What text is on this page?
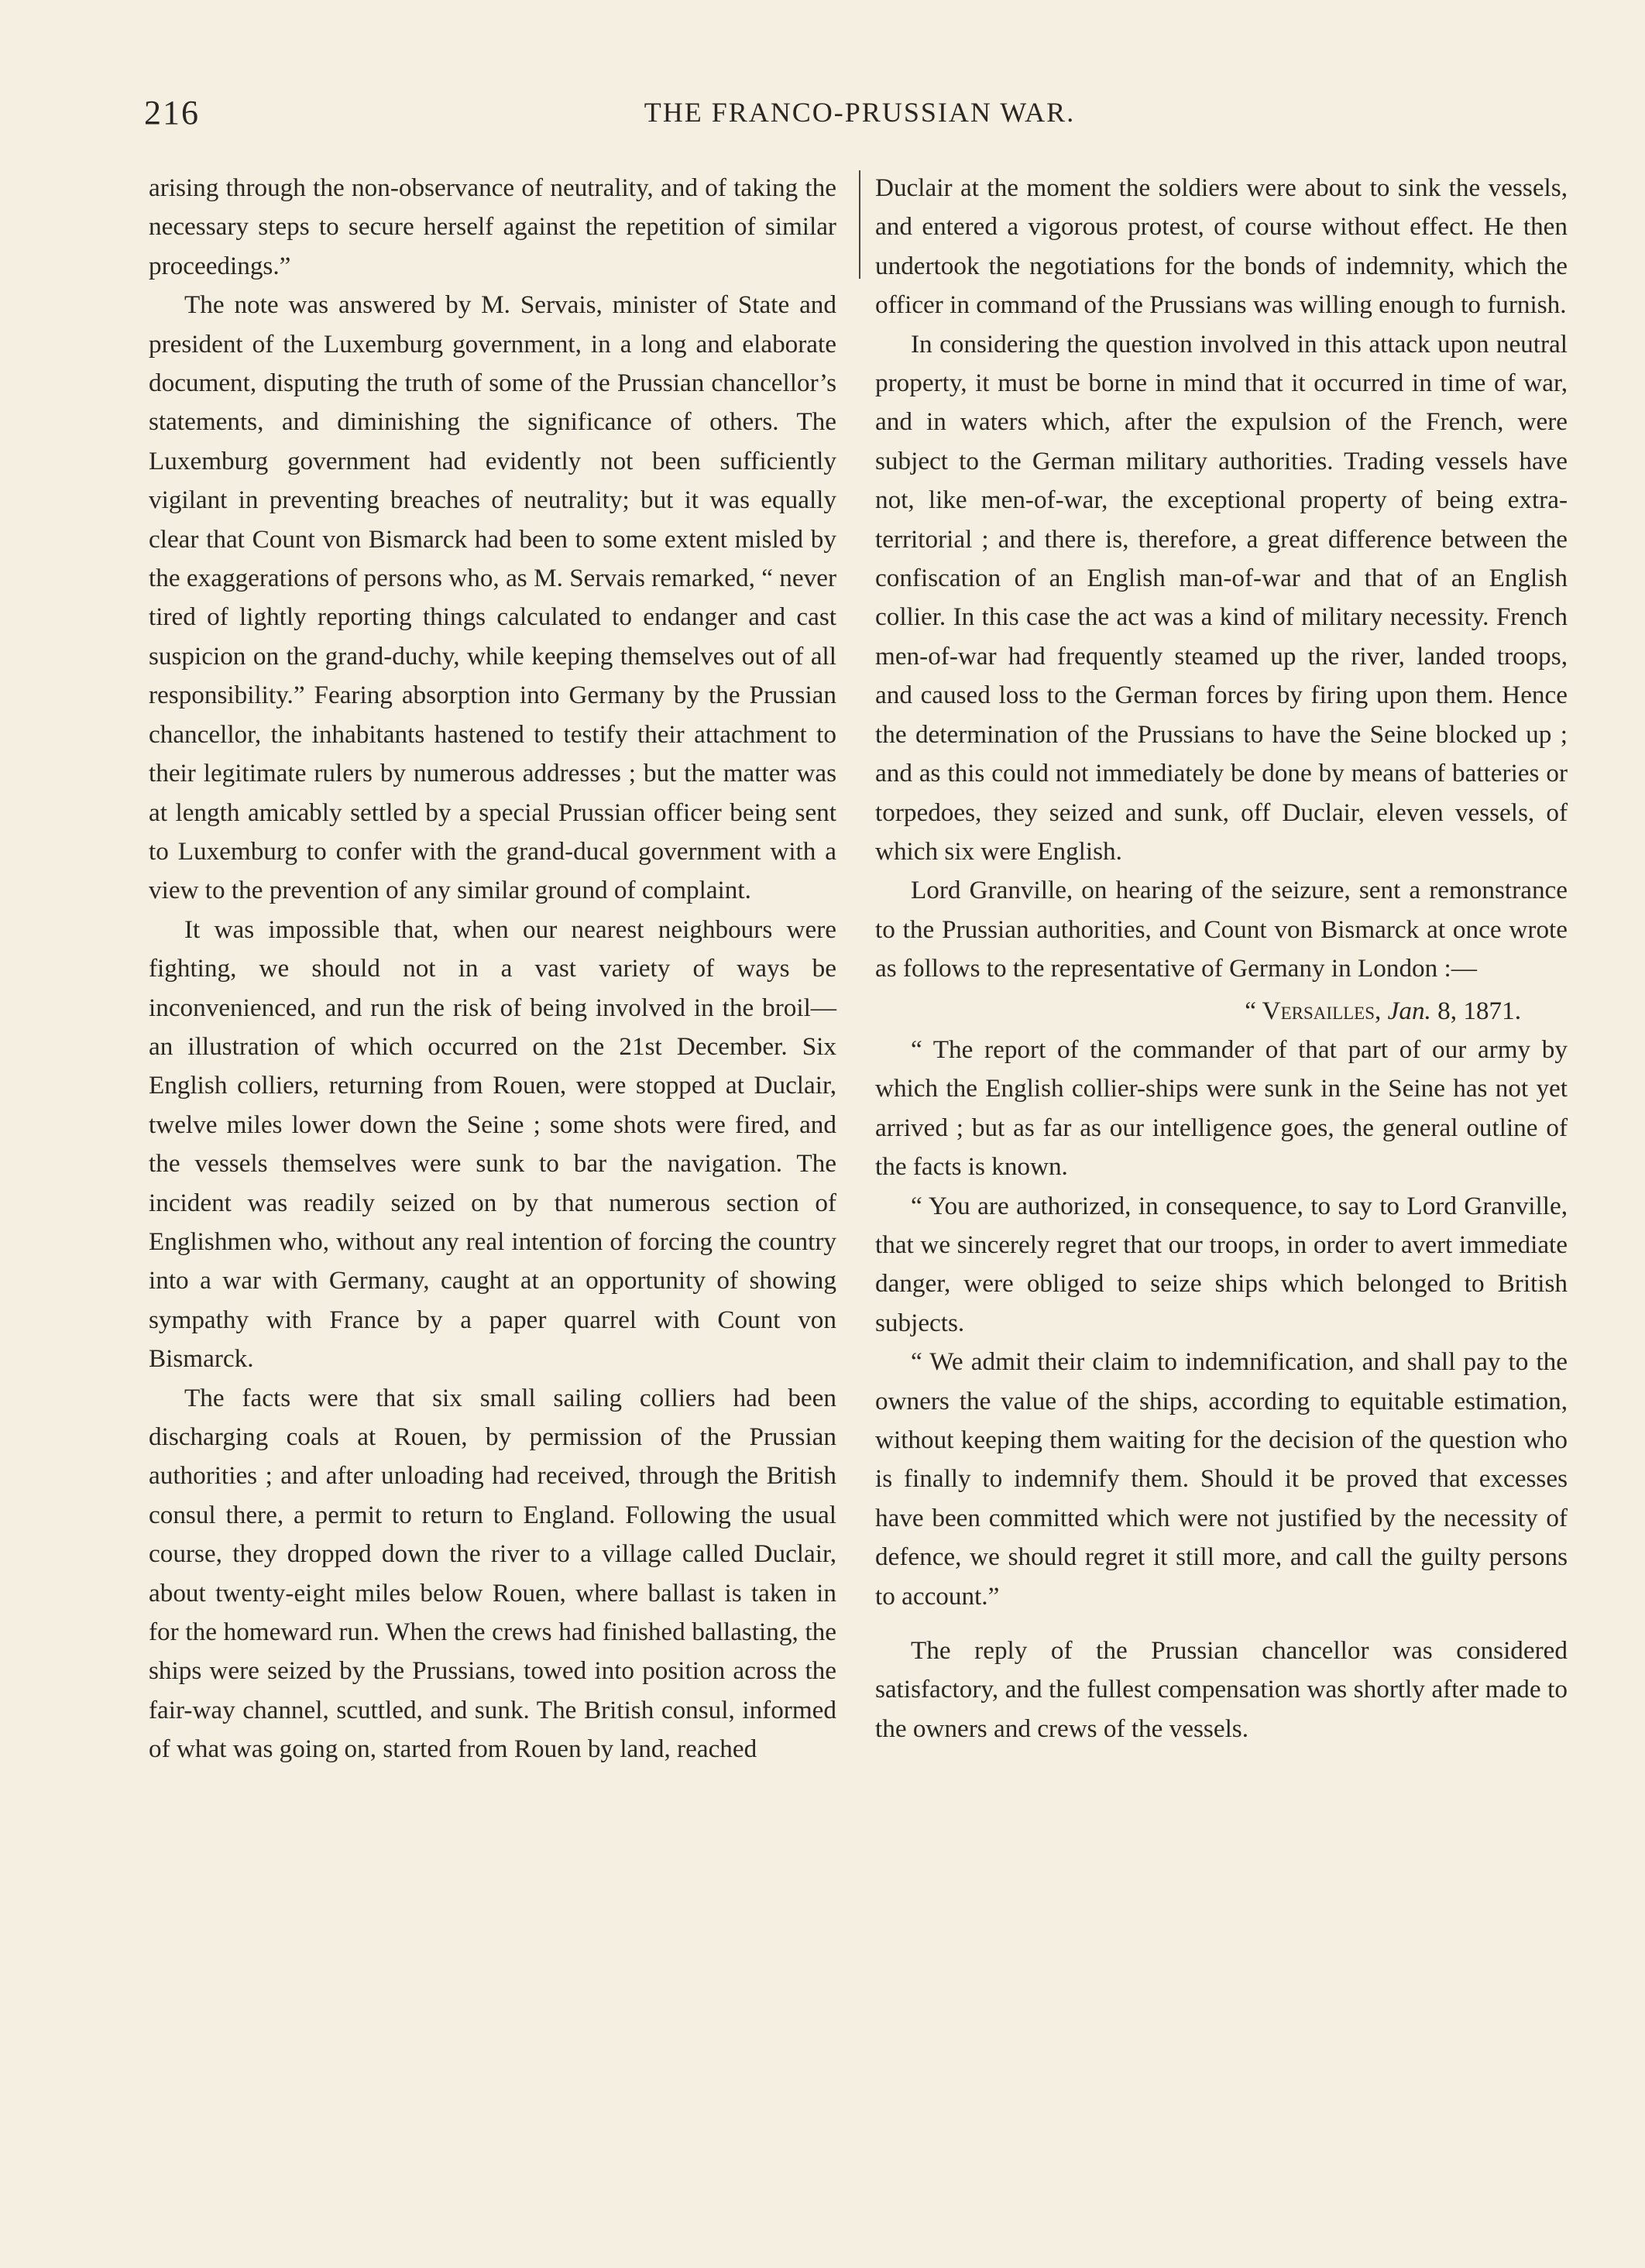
216	THE FRANCO-PRUSSIAN WAR.

arising through the non-observance of neutrality, and of taking the necessary steps to secure herself against the repetition of similar proceedings.”

The note was answered by M. Servais, minister of State and president of the Luxemburg government, in a long and elaborate document, disputing the truth of some of the Prussian chancellor’s statements, and diminishing the significance of others. The Luxemburg government had evidently not been sufficiently vigilant in preventing breaches of neutrality; but it was equally clear that Count von Bismarck had been to some extent misled by the exaggerations of persons who, as M. Servais remarked, “ never tired of lightly reporting things calculated to endanger and cast suspicion on the grand-duchy, while keeping themselves out of all responsibility.” Fearing absorption into Germany by the Prussian chancellor, the inhabitants hastened to testify their attachment to their legitimate rulers by numerous addresses ; but the matter was at length amicably settled by a special Prussian officer being sent to Luxemburg to confer with the grand-ducal government with a view to the prevention of any similar ground of complaint.

It was impossible that, when our nearest neighbours were fighting, we should not in a vast variety of ways be inconvenienced, and run the risk of being involved in the broil—an illustration of which occurred on the 21st December. Six English colliers, returning from Rouen, were stopped at Duclair, twelve miles lower down the Seine ; some shots were fired, and the vessels themselves were sunk to bar the navigation. The incident was readily seized on by that numerous section of Englishmen who, without any real intention of forcing the country into a war with Germany, caught at an opportunity of showing sympathy with France by a paper quarrel with Count von Bismarck.

The facts were that six small sailing colliers had been discharging coals at Rouen, by permission of the Prussian authorities ; and after unloading had received, through the British consul there, a permit to return to England. Following the usual course, they dropped down the river to a village called Duclair, about twenty-eight miles below Rouen, where ballast is taken in for the homeward run. When the crews had finished ballasting, the ships were seized by the Prussians, towed into position across the fair-way channel, scuttled, and sunk. The British consul, informed of what was going on, started from Rouen by land, reached

Duclair at the moment the soldiers were about to sink the vessels, and entered a vigorous protest, of course without effect. He then undertook the negotiations for the bonds of indemnity, which the officer in command of the Prussians was willing enough to furnish.

In considering the question involved in this attack upon neutral property, it must be borne in mind that it occurred in time of war, and in waters which, after the expulsion of the French, were subject to the German military authorities. Trading vessels have not, like men-of-war, the exceptional property of being extra-territorial ; and there is, therefore, a great difference between the confiscation of an English man-of-war and that of an English collier. In this case the act was a kind of military necessity. French men-of-war had frequently steamed up the river, landed troops, and caused loss to the German forces by firing upon them. Hence the determination of the Prussians to have the Seine blocked up ; and as this could not immediately be done by means of batteries or torpedoes, they seized and sunk, off Duclair, eleven vessels, of which six were English.

Lord Granville, on hearing of the seizure, sent a remonstrance to the Prussian authorities, and Count von Bismarck at once wrote as follows to the representative of Germany in London :—

“ Versailles, Jan. 8, 1871.

“ The report of the commander of that part of our army by which the English collier-ships were sunk in the Seine has not yet arrived ; but as far as our intelligence goes, the general outline of the facts is known.

“ You are authorized, in consequence, to say to Lord Granville, that we sincerely regret that our troops, in order to avert immediate danger, were obliged to seize ships which belonged to British subjects.

“ We admit their claim to indemnification, and shall pay to the owners the value of the ships, according to equitable estimation, without keeping them waiting for the decision of the question who is finally to indemnify them. Should it be proved that excesses have been committed which were not justified by the necessity of defence, we should regret it still more, and call the guilty persons to account.”

The reply of the Prussian chancellor was considered satisfactory, and the fullest compensation was shortly after made to the owners and crews of the vessels.
